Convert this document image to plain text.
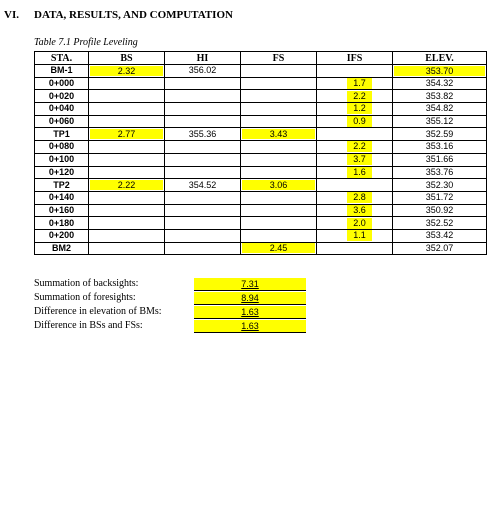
VI. DATA, RESULTS, AND COMPUTATION
Table 7.1 Profile Leveling
STA.	BS	HI	FS	IFS	ELEV.
BM-1	2.32	356.02			353.70

0+000				1.7	354.32
0+020				2.2	353.82
0+040				1.2	354.82
0+060				0.9	355.12
TP1	2.77	355.36	3.43		352.59
0+080				2.2	353.16
0+100				3.7	351.66
0+120				1.6	353.76
TP2	2.22	354.52	3.06		352.30
0+140				2.8	351.72
0+160				3.6	350.92
0+180				2.0	352.52
0+200				1.1	353.42
BM2			2.45		352.07
Summation of backsights:	7.31
Summation of foresights:	8.94
Difference in elevation of BMs:	1.63
Difference in BSs and FSs:	1.63
